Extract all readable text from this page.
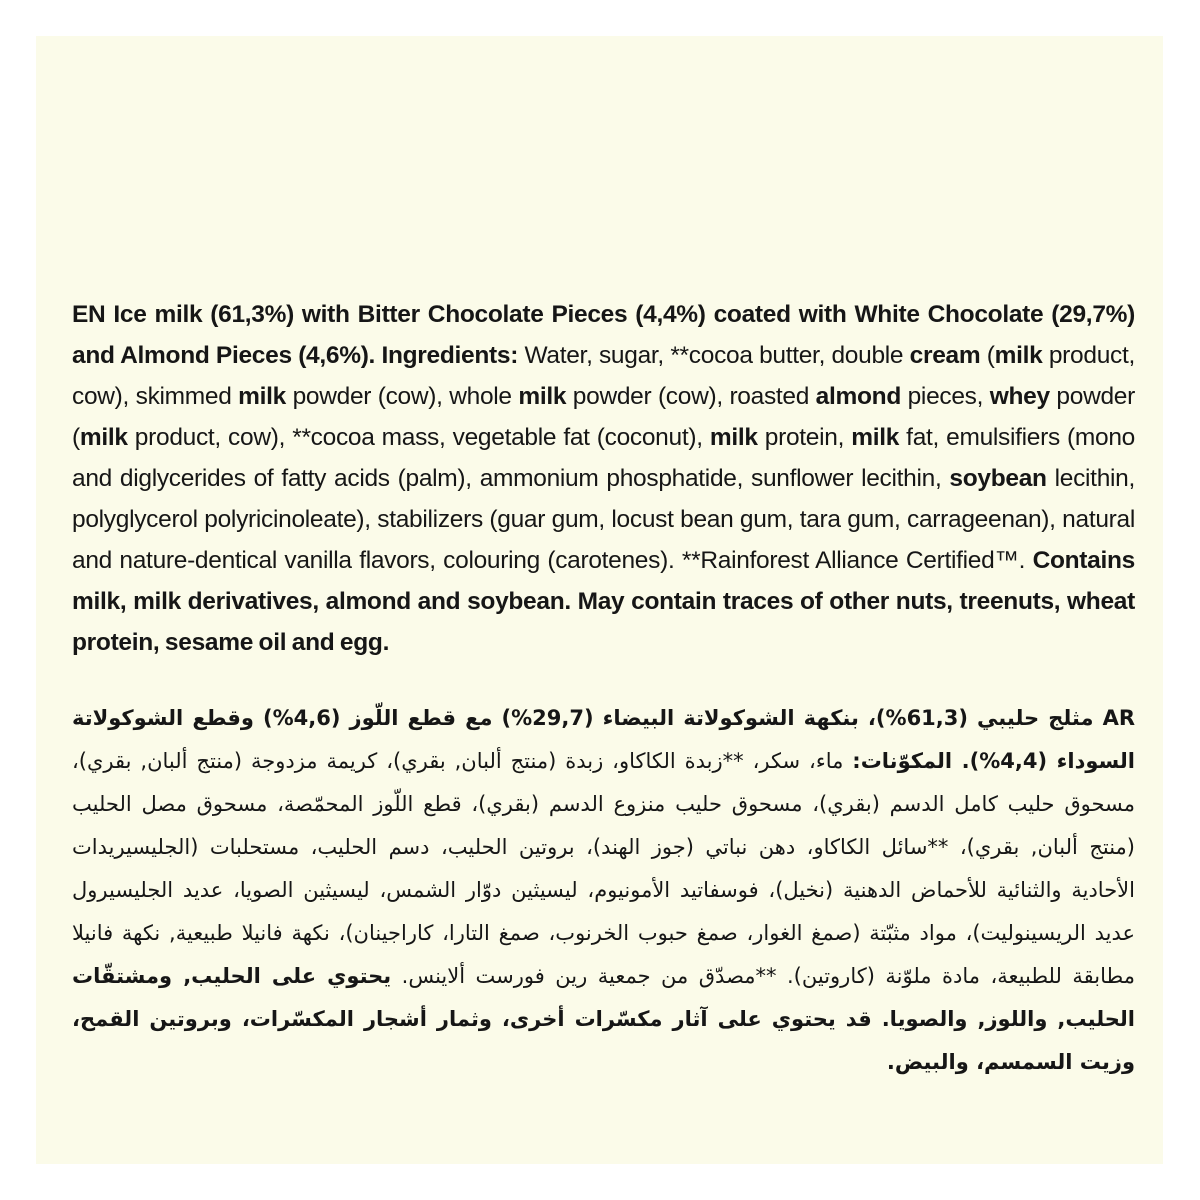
EN Ice milk (61,3%) with Bitter Chocolate Pieces (4,4%) coated with White Chocolate (29,7%) and Almond Pieces (4,6%). Ingredients: Water, sugar, **cocoa butter, double cream (milk product, cow), skimmed milk powder (cow), whole milk powder (cow), roasted almond pieces, whey powder (milk product, cow), **cocoa mass, vegetable fat (coconut), milk protein, milk fat, emulsifiers (mono and diglycerides of fatty acids (palm), ammonium phosphatide, sunflower lecithin, soybean lecithin, polyglycerol polyricinoleate), stabilizers (guar gum, locust bean gum, tara gum, carrageenan), natural and nature-dentical vanilla flavors, colouring (carotenes). **Rainforest Alliance Certified™. Contains milk, milk derivatives, almond and soybean. May contain traces of other nuts, treenuts, wheat protein, sesame oil and egg.

AR مثلج حليبي (61,3%)، بنكهة الشوكولاتة البيضاء (29,7%) مع قطع اللّوز (4,6%) وقطع الشوكولاتة السوداء (4,4%). المكوّنات: ماء، سكر، **زبدة الكاكاو، زبدة (منتج ألبان, بقري)، كريمة مزدوجة (منتج ألبان, بقري)، مسحوق حليب كامل الدسم (بقري)، مسحوق حليب منزوع الدسم (بقري)، قطع اللّوز المحمّصة، مسحوق مصل الحليب (منتج ألبان, بقري)، **سائل الكاكاو، دهن نباتي (جوز الهند)، بروتين الحليب، دسم الحليب، مستحلبات (الجليسيريدات الأحادية والثنائية للأحماض الدهنية (نخيل)، فوسفاتيد الأمونيوم، ليسيثين دوّار الشمس، ليسيثين الصويا، عديد الجليسيرول عديد الريسينوليت)، مواد مثبّتة (صمغ الغوار، صمغ حبوب الخرنوب، صمغ التارا، كاراجينان)، نكهة فانيلا طبيعية, نكهة فانيلا مطابقة للطبيعة، مادة ملوّنة (كاروتين). **مصدّق من جمعية رين فورست ألاينس. يحتوي على الحليب, ومشتقّات الحليب, واللوز, والصويا. قد يحتوي على آثار مكسّرات أخرى، وثمار أشجار المكسّرات، وبروتين القمح، وزيت السمسم، والبيض.
